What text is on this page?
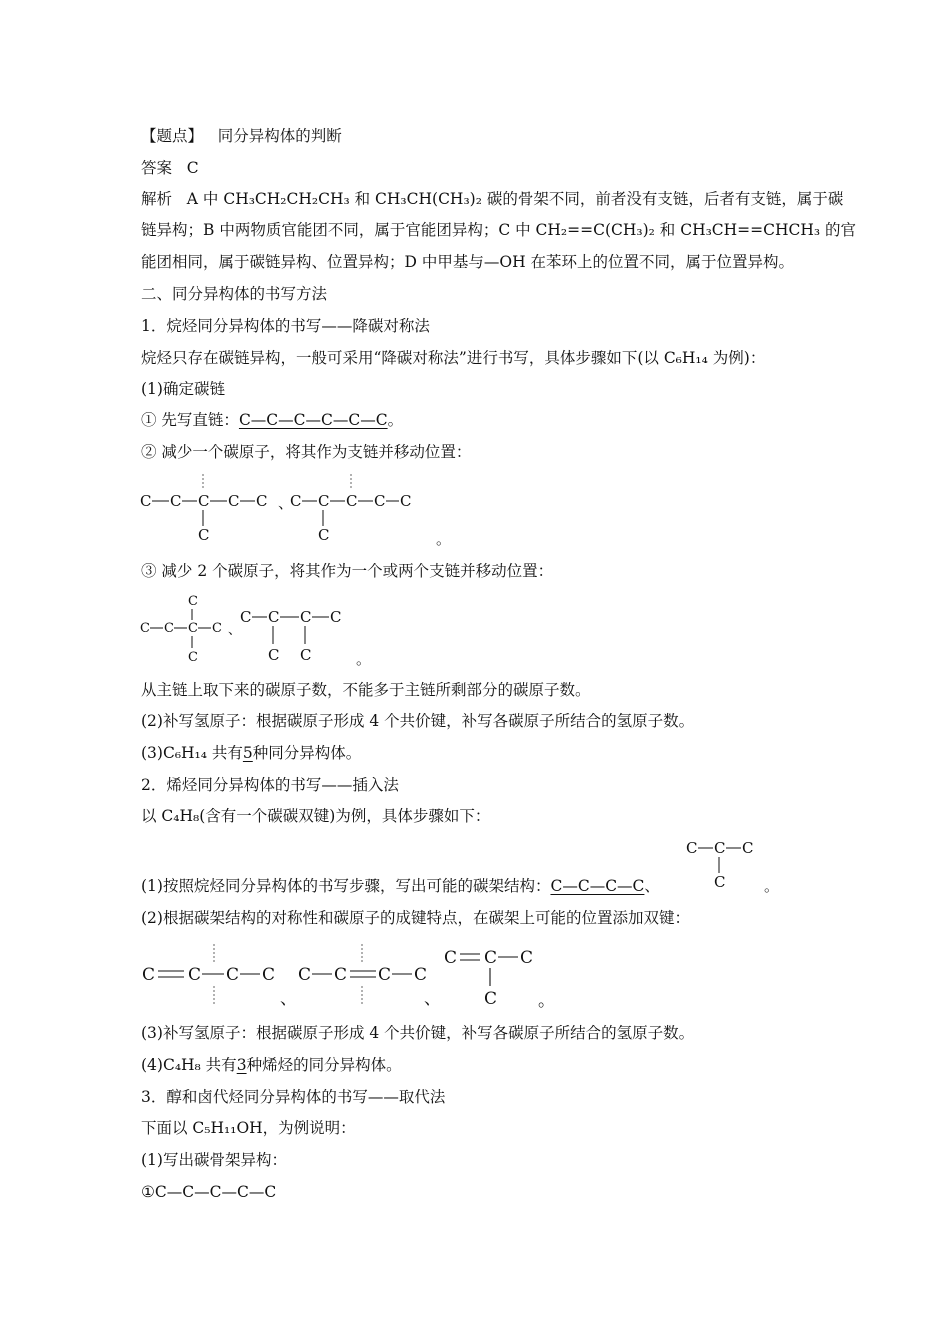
【题点】 同分异构体的判断
答案 C
解析 A 中 CH₃CH₂CH₂CH₃ 和 CH₃CH(CH₃)₂ 碳的骨架不同，前者没有支链，后者有支链，属于碳
链异构；B 中两物质官能团不同，属于官能团异构；C 中 CH₂==C(CH₃)₂ 和 CH₃CH==CHCH₃ 的官
能团相同，属于碳链异构、位置异构；D 中甲基与—OH 在苯环上的位置不同，属于位置异构。
二、同分异构体的书写方法
1．烷烃同分异构体的书写——降碳对称法
烷烃只存在碳链异构，一般可采用“降碳对称法”进行书写，具体步骤如下(以 C₆H₁₄ 为例)：
(1)确定碳链
① 先写直链：C—C—C—C—C—C。
② 减少一个碳原子，将其作为支链并移动位置：
C C C C C
C
、
C C C C C
C	。
③ 减少 2 个碳原子，将其作为一个或两个支链并移动位置：
C C C C
C
C
、
C C C C
C C	。
从主链上取下来的碳原子数，不能多于主链所剩部分的碳原子数。
(2)补写氢原子：根据碳原子形成 4 个共价键，补写各碳原子所结合的氢原子数。
(3)C₆H₁₄ 共有5种同分异构体。
2．烯烃同分异构体的书写——插入法
以 C₄H₈(含有一个碳碳双键)为例，具体步骤如下：
C C C
C	。
(1)按照烷烃同分异构体的书写步骤，写出可能的碳架结构：C—C—C—C、
(2)根据碳架结构的对称性和碳原子的成键特点，在碳架上可能的位置添加双键：
C C C C
、
C C C C
、
C C C
C 。
(3)补写氢原子：根据碳原子形成 4 个共价键，补写各碳原子所结合的氢原子数。
(4)C₄H₈ 共有3种烯烃的同分异构体。
3．醇和卤代烃同分异构体的书写——取代法
下面以 C₅H₁₁OH，为例说明：
(1)写出碳骨架异构：
①C—C—C—C—C
